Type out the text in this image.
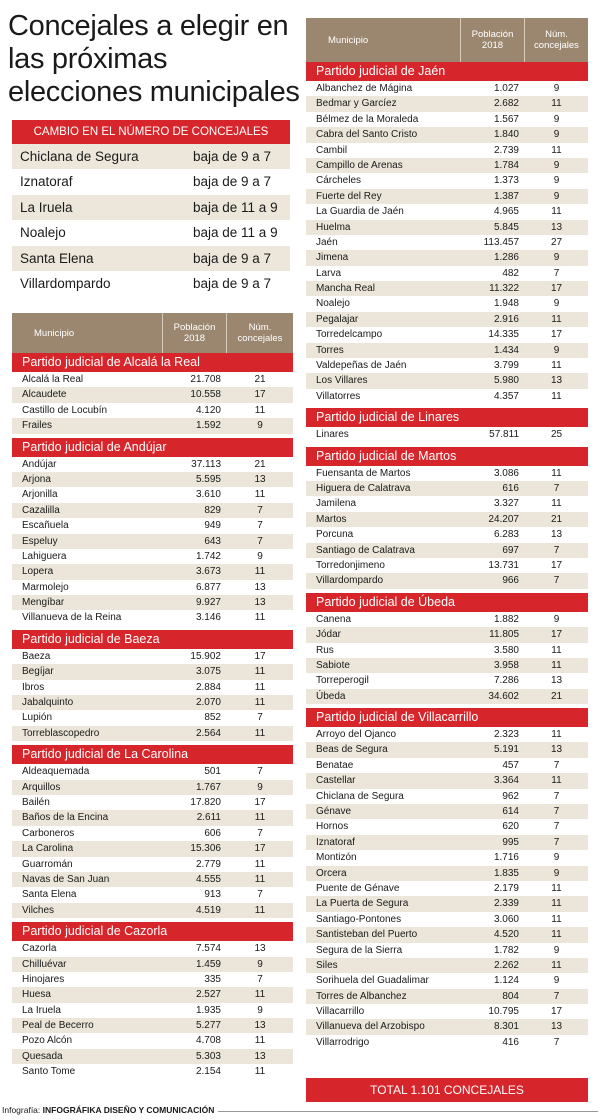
Concejales a elegir en las próximas elecciones municipales
CAMBIO EN EL NÚMERO DE CONCEJALES
Chiclana de Segura	baja de 9 a 7
Iznatoraf	baja de 9 a 7
La Iruela	baja de 11 a 9
Noalejo	baja de 11 a 9
Santa Elena	baja de 9 a 7
Villardompardo	baja de 9 a 7
Municipio	Población 2018
Núm. concejales
Partido judicial de Alcalá la Real
Alcalá la Real	21.708	21
Alcaudete	10.558	17
Castillo de Locubín	4.120	11
Frailes	1.592	9
Partido judicial de Andújar
Andújar	37.113	21
Arjona	5.595	13
Arjonilla	3.610	11
Cazalilla	829	7
Escañuela	949	7
Espeluy	643	7
Lahiguera	1.742	9
Lopera	3.673	11
Marmolejo	6.877	13
Mengíbar	9.927	13
Villanueva de la Reina	3.146	11
Partido judicial de Baeza
Baeza	15.902	17
Begíjar	3.075	11
Ibros	2.884	11
Jabalquinto	2.070	11
Lupión	852	7
Torreblascopedro	2.564	11
Partido judicial de La Carolina
Aldeaquemada	501	7
Arquillos	1.767	9
Bailén	17.820	17
Baños de la Encina	2.611	11
Carboneros	606	7
La Carolina	15.306	17
Guarromán	2.779	11
Navas de San Juan	4.555	11
Santa Elena	913	7
Vilches	4.519	11
Partido judicial de Cazorla
Cazorla	7.574	13
Chilluévar	1.459	9
Hinojares	335	7
Huesa	2.527	11
La Iruela	1.935	9
Peal de Becerro	5.277	13
Pozo Alcón	4.708	11
Quesada	5.303	13
Santo Tome	2.154	11
Municipio	Población 2018
Núm. concejales
Partido judicial de Jaén
Albanchez de Mágina	1.027	9
Bedmar y Garcíez	2.682	11
Bélmez de la Moraleda	1.567	9
Cabra del Santo Cristo	1.840	9
Cambil	2.739	11
Campillo de Arenas	1.784	9
Cárcheles	1.373	9
Fuerte del Rey	1.387	9
La Guardia de Jaén	4.965	11
Huelma	5.845	13
Jaén	113.457	27
Jimena	1.286	9
Larva	482	7
Mancha Real	11.322	17
Noalejo	1.948	9
Pegalajar	2.916	11
Torredelcampo	14.335	17
Torres	1.434	9
Valdepeñas de Jaén	3.799	11
Los Villares	5.980	13
Villatorres	4.357	11
Partido judicial de Linares
Linares	57.811	25
Partido judicial de Martos
Fuensanta de Martos	3.086	11
Higuera de Calatrava	616	7
Jamilena	3.327	11
Martos	24.207	21
Porcuna	6.283	13
Santiago de Calatrava	697	7
Torredonjimeno	13.731	17
Villardompardo	966	7
Partido judicial de Úbeda
Canena	1.882	9
Jódar	11.805	17
Rus	3.580	11
Sabiote	3.958	11
Torreperogil	7.286	13
Úbeda	34.602	21
Partido judicial de Villacarrillo
Arroyo del Ojanco	2.323	11
Beas de Segura	5.191	13
Benatae	457	7
Castellar	3.364	11
Chiclana de Segura	962	7
Génave	614	7
Hornos	620	7
Iznatoraf	995	7
Montizón	1.716	9
Orcera	1.835	9
Puente de Génave	2.179	11
La Puerta de Segura	2.339	11
Santiago-Pontones	3.060	11
Santisteban del Puerto	4.520	11
Segura de la Sierra	1.782	9
Siles	2.262	11
Sorihuela del Guadalimar	1.124	9
Torres de Albanchez	804	7
Villacarrillo	10.795	17
Villanueva del Arzobispo	8.301	13
Villarrodrigo	416	7
TOTAL 1.101 CONCEJALES
Infografía: INFOGRÁFIKA DISEÑO Y COMUNICACIÓN
